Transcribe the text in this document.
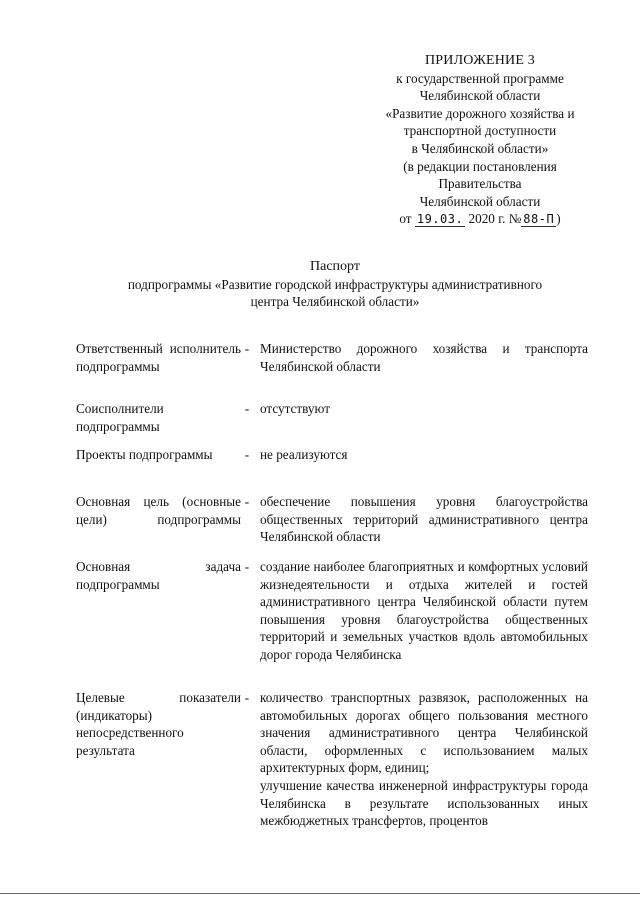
ПРИЛОЖЕНИЕ 3
к государственной программе
Челябинской области
«Развитие дорожного хозяйства и
транспортной доступности
в Челябинской области»
(в редакции постановления
Правительства
Челябинской области
от 19.03. 2020 г. № 88-П )
Паспорт
подпрограммы «Развитие городской инфраструктуры административного
центра Челябинской области»
Ответственный исполнитель подпрограммы
- Министерство дорожного хозяйства и транспорта Челябинской области

Соисполнители подпрограммы
- отсутствуют

Проекты подпрограммы	- не реализуются

Основная цель (основные цели) подпрограммы
- обеспечение повышения уровня благоустройства общественных территорий административного центра Челябинской области

Основная задача подпрограммы
- создание наиболее благоприятных и комфортных условий жизнедеятельности и отдыха жителей и гостей административного центра Челябинской области путем повышения уровня благоустройства общественных территорий и земельных участков вдоль автомобильных дорог города Челябинска

Целевые показатели (индикаторы) непосредственного результата
- количество транспортных развязок, расположенных на автомобильных дорогах общего пользования местного значения административного центра Челябинской области, оформленных с использованием малых архитектурных форм, единиц;

улучшение качества инженерной инфраструктуры города Челябинска в результате использованных иных межбюджетных трансфертов, процентов
